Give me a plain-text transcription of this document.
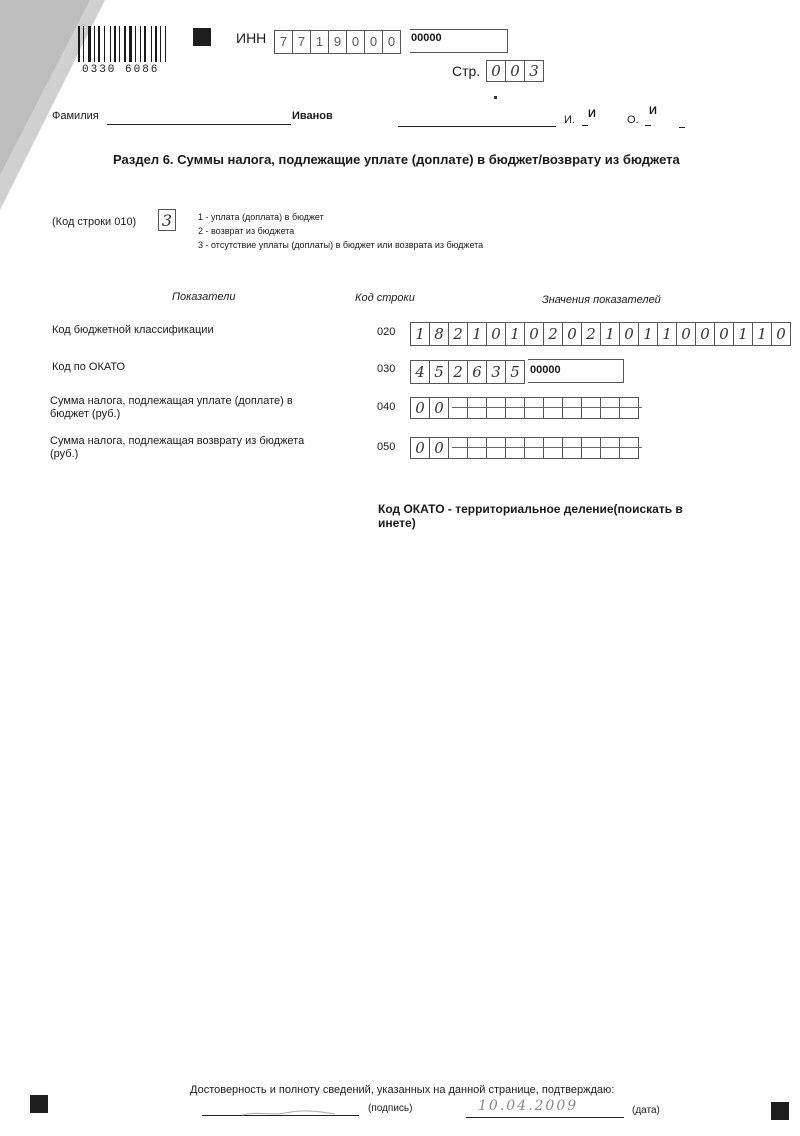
0330 6086
ИНН	7 7 1 9 0 0 0	00000
Стр. 0 0 3
Фамилия	Иванов	И. И	О.
И
Раздел 6. Суммы налога, подлежащие уплате (доплате) в бюджет/возврату из бюджета
(Код строки 010) 3	1 - уплата (доплата) в бюджет
2 - возврат из бюджета
3 - отсутствие уплаты (доплаты) в бюджет или возврата из бюджета
Показатели	Код строки	Значения показателей
Код бюджетной классификации	020	1 8 2 1 0 1 0 2 0 2 1 0 1 1 0 0 0 1 1 0
Код по ОКАТО	030	4 5 2 6 3 5 00000
Сумма налога, подлежащая уплате (доплате) в бюджет (руб.)
040	0 0
Сумма налога, подлежащая возврату из бюджета (руб.)
050	0 0
Код ОКАТО - территориальное деление(поискать в инете)
Достоверность и полноту сведений, указанных на данной странице, подтверждаю:
(подпись)	10.04.2009	(дата)
